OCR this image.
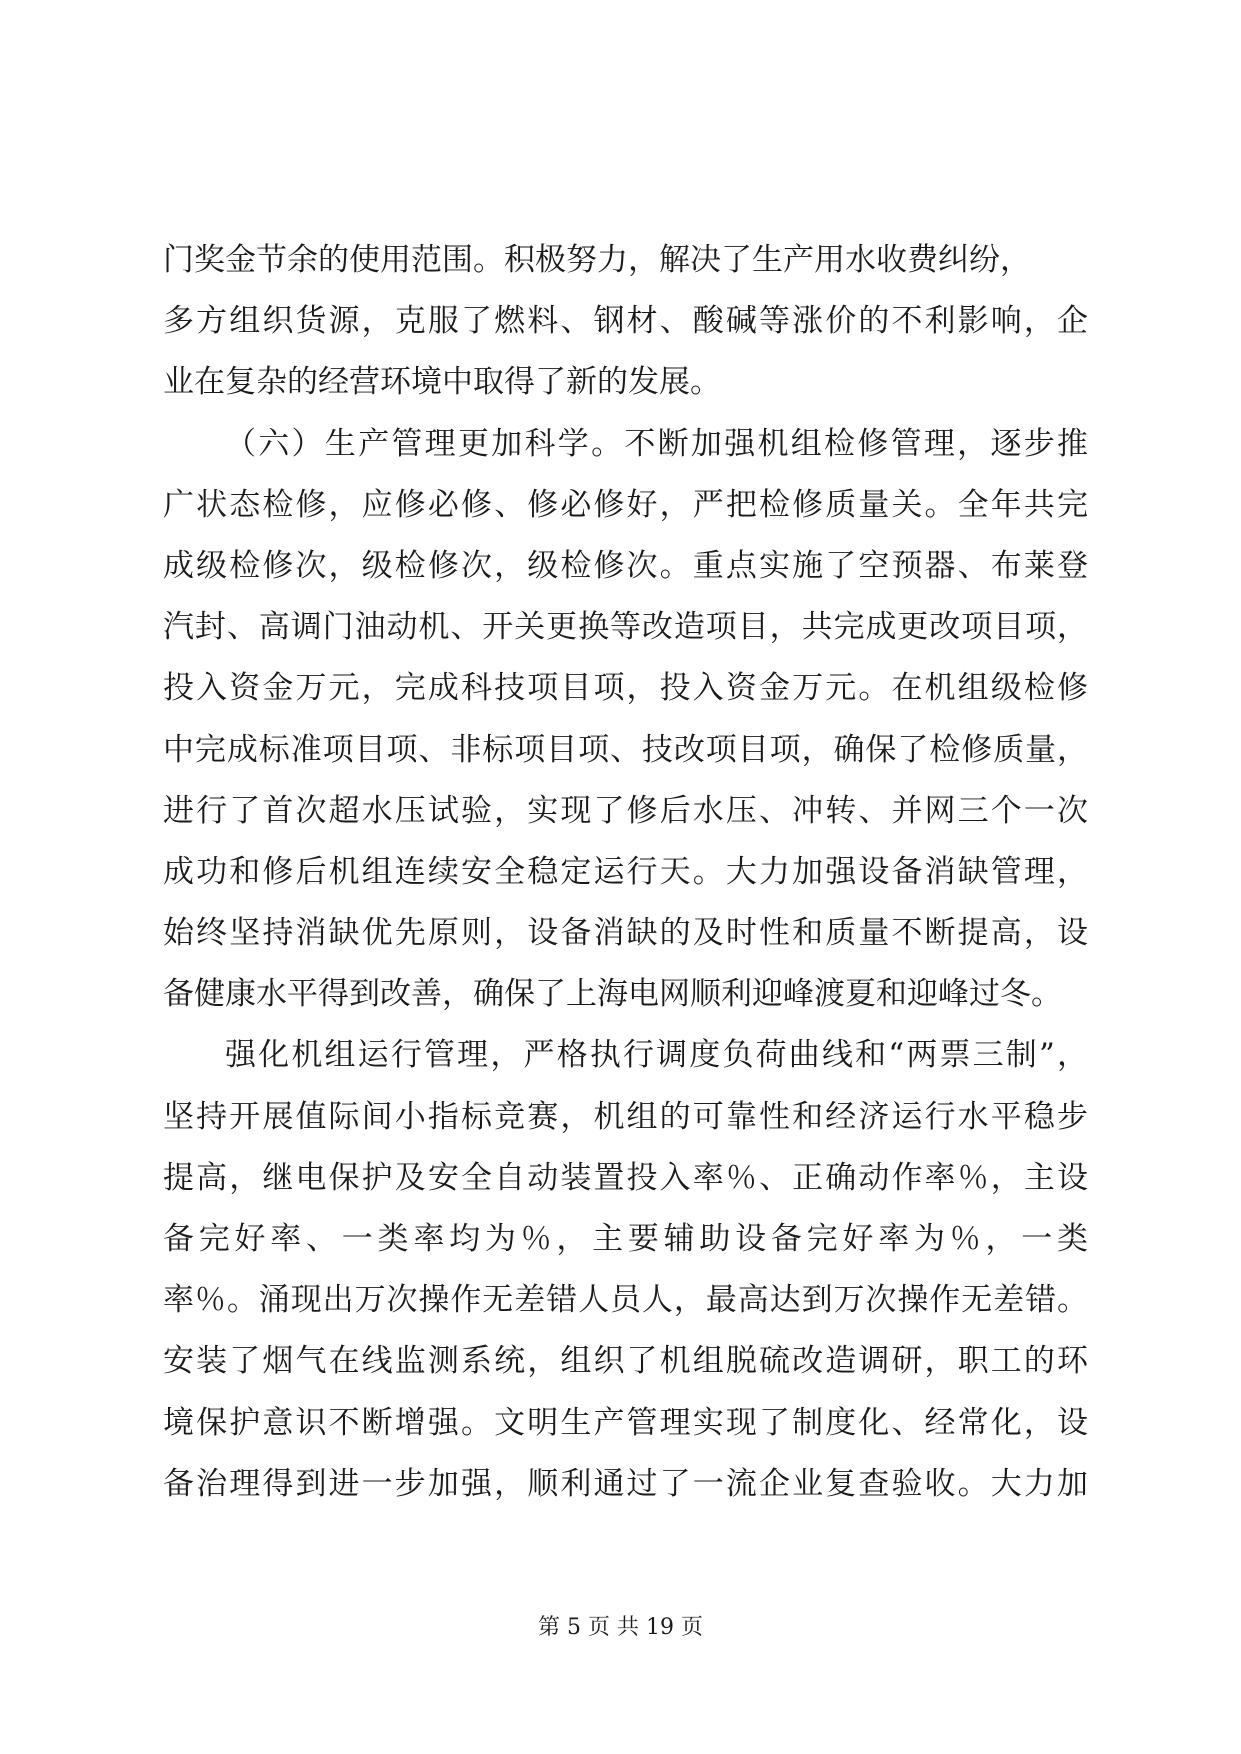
门奖金节余的使用范围。积极努力，解决了生产用水收费纠纷，
多方组织货源，克服了燃料、钢材、酸碱等涨价的不利影响，企
业在复杂的经营环境中取得了新的发展。
（六）生产管理更加科学。不断加强机组检修管理，逐步推
广状态检修，应修必修、修必修好，严把检修质量关。全年共完
成级检修次，级检修次，级检修次。重点实施了空预器、布莱登
汽封、高调门油动机、开关更换等改造项目，共完成更改项目项，
投入资金万元，完成科技项目项，投入资金万元。在机组级检修
中完成标准项目项、非标项目项、技改项目项，确保了检修质量，
进行了首次超水压试验，实现了修后水压、冲转、并网三个一次
成功和修后机组连续安全稳定运行天。大力加强设备消缺管理，
始终坚持消缺优先原则，设备消缺的及时性和质量不断提高，设
备健康水平得到改善，确保了上海电网顺利迎峰渡夏和迎峰过冬。
强化机组运行管理，严格执行调度负荷曲线和“两票三制”，
坚持开展值际间小指标竞赛，机组的可靠性和经济运行水平稳步
提高，继电保护及安全自动装置投入率％、正确动作率％，主设
备完好率、一类率均为％，主要辅助设备完好率为％，一类
率％。涌现出万次操作无差错人员人，最高达到万次操作无差错。
安装了烟气在线监测系统，组织了机组脱硫改造调研，职工的环
境保护意识不断增强。文明生产管理实现了制度化、经常化，设
备治理得到进一步加强，顺利通过了一流企业复查验收。大力加
第 5 页 共 19 页
